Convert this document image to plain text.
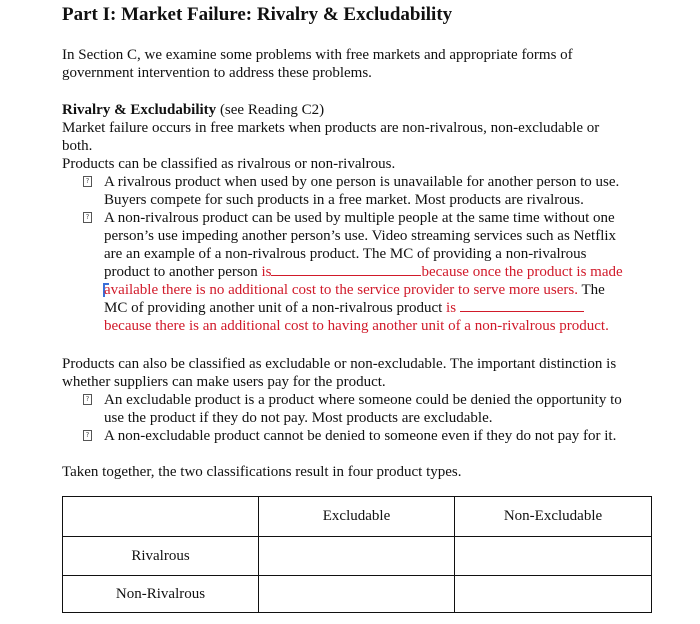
Part I: Market Failure: Rivalry & Excludability
In Section C, we examine some problems with free markets and appropriate forms of
government intervention to address these problems.
Rivalry & Excludability (see Reading C2)
Market failure occurs in free markets when products are non-rivalrous, non-excludable or
both.
Products can be classified as rivalrous or non-rivalrous.
? A rivalrous product when used by one person is unavailable for another person to use.
Buyers compete for such products in a free market. Most products are rivalrous.
? A non-rivalrous product can be used by multiple people at the same time without one
person’s use impeding another person’s use. Video streaming services such as Netflix
are an example of a non-rivalrous product. The MC of providing a non-rivalrous
product to another person is	because once the product is made
available there is no additional cost to the service provider to serve more users. The
MC of providing another unit of a non-rivalrous product is
because there is an additional cost to having another unit of a non-rivalrous product.
Products can also be classified as excludable or non-excludable. The important distinction is
whether suppliers can make users pay for the product.
? An excludable product is a product where someone could be denied the opportunity to
use the product if they do not pay. Most products are excludable.
? A non-excludable product cannot be denied to someone even if they do not pay for it.
Taken together, the two classifications result in four product types.
	Excludable	Non-Excludable
Rivalrous		
Non-Rivalrous		
